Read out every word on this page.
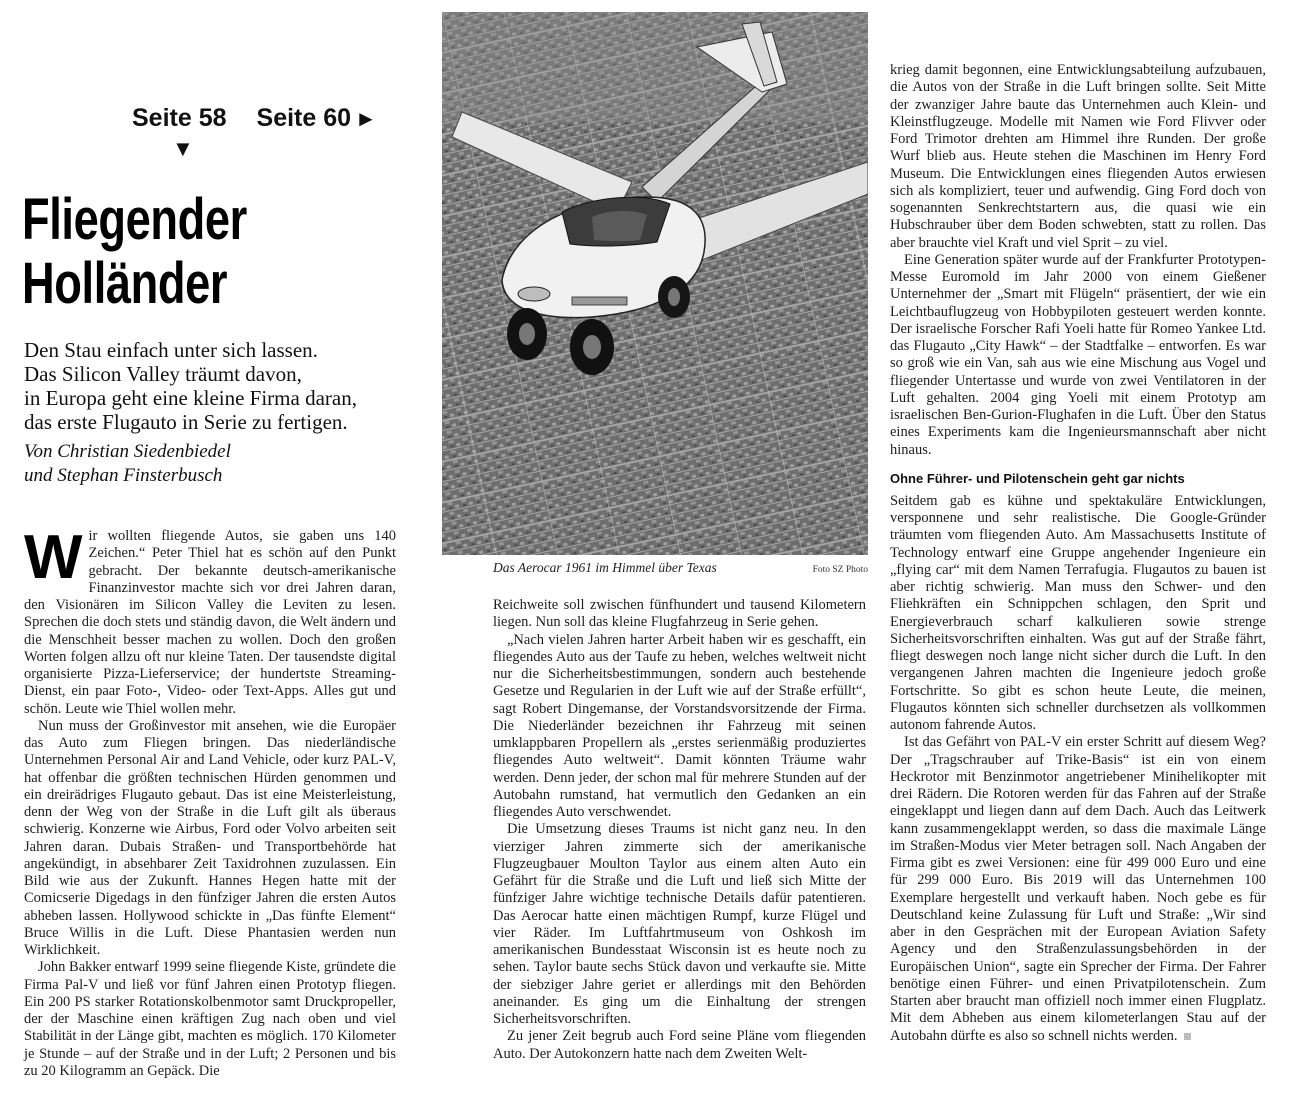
Seite 58
▼
Seite 60 ►
Fliegender
Holländer

Den Stau einfach unter sich lassen.
Das Silicon Valley träumt davon,
in Europa geht eine kleine Firma daran,
das erste Flugauto in Serie zu fertigen.

Von Christian Siedenbiedel
und Stephan Finsterbusch

Wir wollten fliegende Autos, sie gaben uns 140 Zeichen.“ Peter Thiel hat es schön auf den Punkt gebracht. Der bekannte deutsch-amerikanische Finanzinvestor machte sich vor drei Jahren daran, den Visionären im Silicon Valley die Leviten zu lesen. Sprechen die doch stets und ständig davon, die Welt ändern und die Menschheit besser machen zu wollen. Doch den großen Worten folgen allzu oft nur kleine Taten. Der tausendste digital organisierte Pizza-Lieferservice; der hundertste Streaming-Dienst, ein paar Foto-, Video- oder Text-Apps. Alles gut und schön. Leute wie Thiel wollen mehr.

Nun muss der Großinvestor mit ansehen, wie die Europäer das Auto zum Fliegen bringen. Das niederländische Unternehmen Personal Air and Land Vehicle, oder kurz PAL-V, hat offenbar die größten technischen Hürden genommen und ein dreirädriges Flugauto gebaut. Das ist eine Meisterleistung, denn der Weg von der Straße in die Luft gilt als überaus schwierig. Konzerne wie Airbus, Ford oder Volvo arbeiten seit Jahren daran. Dubais Straßen- und Transportbehörde hat angekündigt, in absehbarer Zeit Taxidrohnen zuzulassen. Ein Bild wie aus der Zukunft. Hannes Hegen hatte mit der Comicserie Digedags in den fünfziger Jahren die ersten Autos abheben lassen. Hollywood schickte in „Das fünfte Element“ Bruce Willis in die Luft. Diese Phantasien werden nun Wirklichkeit.

John Bakker entwarf 1999 seine fliegende Kiste, gründete die Firma Pal-V und ließ vor fünf Jahren einen Prototyp fliegen. Ein 200 PS starker Rotationskolbenmotor samt Druckpropeller, der der Maschine einen kräftigen Zug nach oben und viel Stabilität in der Länge gibt, machten es möglich. 170 Kilometer je Stunde – auf der Straße und in der Luft; 2 Personen und bis zu 20 Kilogramm an Gepäck. Die

Das Aerocar 1961 im Himmel über Texas	Foto SZ Photo

Reichweite soll zwischen fünfhundert und tausend Kilometern liegen. Nun soll das kleine Flugfahrzeug in Serie gehen.

„Nach vielen Jahren harter Arbeit haben wir es geschafft, ein fliegendes Auto aus der Taufe zu heben, welches weltweit nicht nur die Sicherheitsbestimmungen, sondern auch bestehende Gesetze und Regularien in der Luft wie auf der Straße erfüllt“, sagt Robert Dingemanse, der Vorstandsvorsitzende der Firma. Die Niederländer bezeichnen ihr Fahrzeug mit seinen umklappbaren Propellern als „erstes serienmäßig produziertes fliegendes Auto weltweit“. Damit könnten Träume wahr werden. Denn jeder, der schon mal für mehrere Stunden auf der Autobahn rumstand, hat vermutlich den Gedanken an ein fliegendes Auto verschwendet.

Die Umsetzung dieses Traums ist nicht ganz neu. In den vierziger Jahren zimmerte sich der amerikanische Flugzeugbauer Moulton Taylor aus einem alten Auto ein Gefährt für die Straße und die Luft und ließ sich Mitte der fünfziger Jahre wichtige technische Details dafür patentieren. Das Aerocar hatte einen mächtigen Rumpf, kurze Flügel und vier Räder. Im Luftfahrtmuseum von Oshkosh im amerikanischen Bundesstaat Wisconsin ist es heute noch zu sehen. Taylor baute sechs Stück davon und verkaufte sie. Mitte der siebziger Jahre geriet er allerdings mit den Behörden aneinander. Es ging um die Einhaltung der strengen Sicherheitsvorschriften.

Zu jener Zeit begrub auch Ford seine Pläne vom fliegenden Auto. Der Autokonzern hatte nach dem Zweiten Welt-

krieg damit begonnen, eine Entwicklungsabteilung aufzubauen, die Autos von der Straße in die Luft bringen sollte. Seit Mitte der zwanziger Jahre baute das Unternehmen auch Klein- und Kleinstflugzeuge. Modelle mit Namen wie Ford Flivver oder Ford Trimotor drehten am Himmel ihre Runden. Der große Wurf blieb aus. Heute stehen die Maschinen im Henry Ford Museum. Die Entwicklungen eines fliegenden Autos erwiesen sich als kompliziert, teuer und aufwendig. Ging Ford doch von sogenannten Senkrechtstartern aus, die quasi wie ein Hubschrauber über dem Boden schwebten, statt zu rollen. Das aber brauchte viel Kraft und viel Sprit – zu viel.

Eine Generation später wurde auf der Frankfurter Prototypen-Messe Euromold im Jahr 2000 von einem Gießener Unternehmer der „Smart mit Flügeln“ präsentiert, der wie ein Leichtbauflugzeug von Hobbypiloten gesteuert werden konnte. Der israelische Forscher Rafi Yoeli hatte für Romeo Yankee Ltd. das Flugauto „City Hawk“ – der Stadtfalke – entworfen. Es war so groß wie ein Van, sah aus wie eine Mischung aus Vogel und fliegender Untertasse und wurde von zwei Ventilatoren in der Luft gehalten. 2004 ging Yoeli mit einem Prototyp am israelischen Ben-Gurion-Flughafen in die Luft. Über den Status eines Experiments kam die Ingenieursmannschaft aber nicht hinaus.

Ohne Führer- und Pilotenschein geht gar nichts

Seitdem gab es kühne und spektakuläre Entwicklungen, versponnene und sehr realistische. Die Google-Gründer träumten vom fliegenden Auto. Am Massachusetts Institute of Technology entwarf eine Gruppe angehender Ingenieure ein „flying car“ mit dem Namen Terrafugia. Flugautos zu bauen ist aber richtig schwierig. Man muss den Schwer- und den Fliehkräften ein Schnippchen schlagen, den Sprit und Energieverbrauch scharf kalkulieren sowie strenge Sicherheitsvorschriften einhalten. Was gut auf der Straße fährt, fliegt deswegen noch lange nicht sicher durch die Luft. In den vergangenen Jahren machten die Ingenieure jedoch große Fortschritte. So gibt es schon heute Leute, die meinen, Flugautos könnten sich schneller durchsetzen als vollkommen autonom fahrende Autos.

Ist das Gefährt von PAL-V ein erster Schritt auf diesem Weg? Der „Tragschrauber auf Trike-Basis“ ist ein von einem Heckrotor mit Benzinmotor angetriebener Minihelikopter mit drei Rädern. Die Rotoren werden für das Fahren auf der Straße eingeklappt und liegen dann auf dem Dach. Auch das Leitwerk kann zusammengeklappt werden, so dass die maximale Länge im Straßen-Modus vier Meter betragen soll. Nach Angaben der Firma gibt es zwei Versionen: eine für 499 000 Euro und eine für 299 000 Euro. Bis 2019 will das Unternehmen 100 Exemplare hergestellt und verkauft haben. Noch gebe es für Deutschland keine Zulassung für Luft und Straße: „Wir sind aber in den Gesprächen mit der European Aviation Safety Agency und den Straßenzulassungsbehörden in der Europäischen Union“, sagte ein Sprecher der Firma. Der Fahrer benötige einen Führer- und einen Privatpilotenschein. Zum Starten aber braucht man offiziell noch immer einen Flugplatz. Mit dem Abheben aus einem kilometerlangen Stau auf der Autobahn dürfte es also so schnell nichts werden.
